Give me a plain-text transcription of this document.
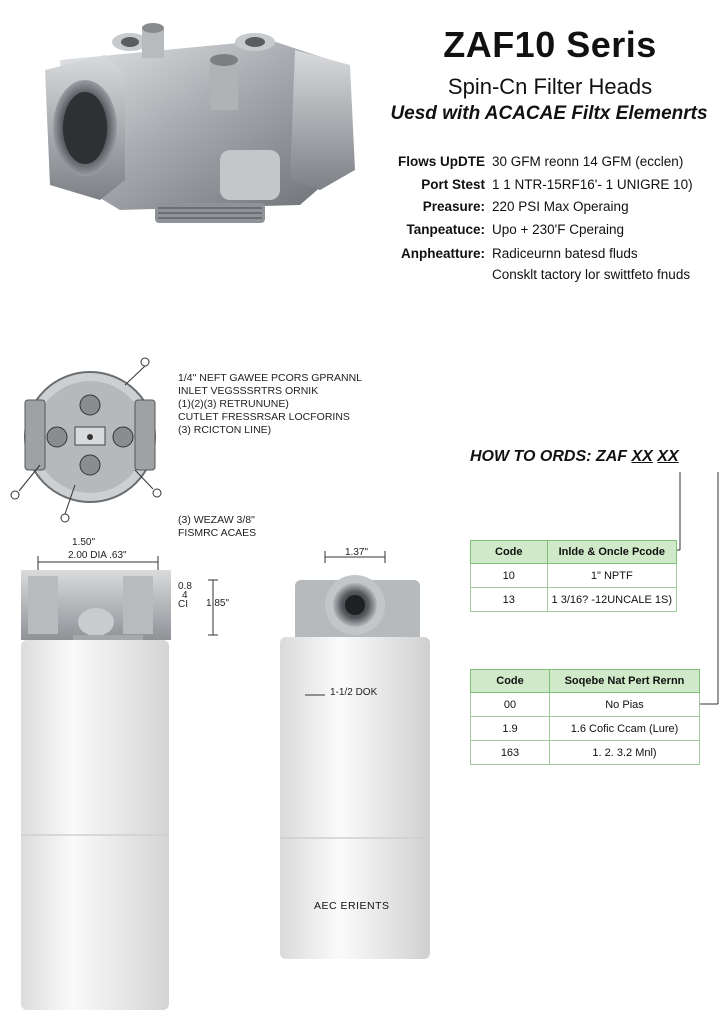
ZAF10 Seris
Spin-Cn Filter Heads
Uesd with ACACAE Filtx Elemenrts
Flows UpDTE 30 GFM reonn 14 GFM (ecclen)
Port Stest 1 1 NTR-15RF16'- 1 UNIGRE 10)
Preasure: 220 PSI Max Operaing
Tanpeatuce: Upo + 230'F Cperaing
Anpheatture: Radiceurnn batesd fluds
Consklt tactory lor swittfeto fnuds
1/4" NEFT GAWEE PCORS GPRANNL
INLET VEGSSSRTRS ORNIK
(1)(2)(3) RETRUNUNE)
CUTLET FRESSRSAR LOCFORINS
(3) RCICTON LINE)
(3) WEZAW 3/8"
FISMRC ACAES
HOW TO ORDS: ZAF XX XX
Code	Inlde & Oncle Pcode
10	1" NPTF
13	1 3/16? -12UNCALE 1S)
Code	Soqebe Nat Pert Rernn
00	No Pias
1.9	1.6 Cofic Ccam (Lure)
163	1. 2. 3.2 Mnl)
1.50"
2.00 DIA .63"
0.8
4
CI 1.85"
1.37"
1-1/2 DOK
AEC ERIENTS
